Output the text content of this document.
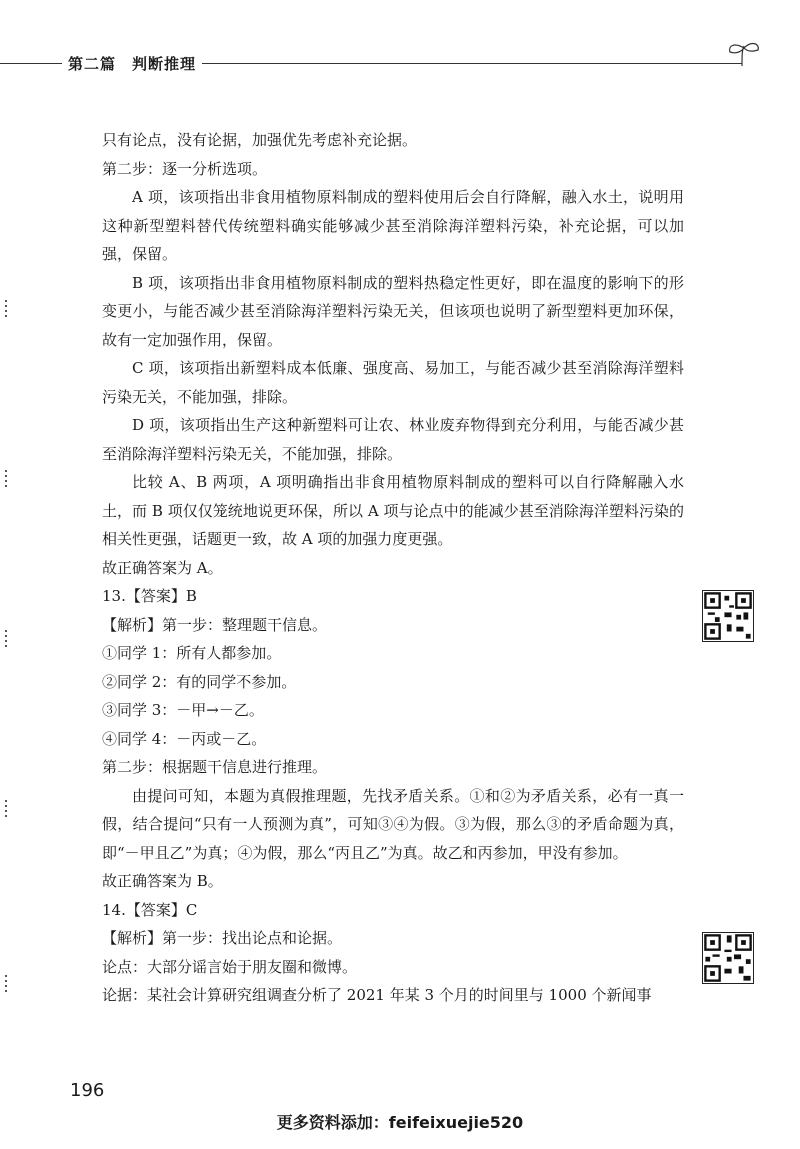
第二篇　判断推理

只有论点，没有论据，加强优先考虑补充论据。

第二步：逐一分析选项。

A 项，该项指出非食用植物原料制成的塑料使用后会自行降解，融入水土，说明用这种新型塑料替代传统塑料确实能够减少甚至消除海洋塑料污染，补充论据，可以加强，保留。

B 项，该项指出非食用植物原料制成的塑料热稳定性更好，即在温度的影响下的形变更小，与能否减少甚至消除海洋塑料污染无关，但该项也说明了新型塑料更加环保，故有一定加强作用，保留。

C 项，该项指出新塑料成本低廉、强度高、易加工，与能否减少甚至消除海洋塑料污染无关，不能加强，排除。

D 项，该项指出生产这种新塑料可让农、林业废弃物得到充分利用，与能否减少甚至消除海洋塑料污染无关，不能加强，排除。

比较 A、B 两项，A 项明确指出非食用植物原料制成的塑料可以自行降解融入水土，而 B 项仅仅笼统地说更环保，所以 A 项与论点中的能减少甚至消除海洋塑料污染的相关性更强，话题更一致，故 A 项的加强力度更强。

故正确答案为 A。

13.【答案】B

【解析】第一步：整理题干信息。

①同学 1：所有人都参加。

②同学 2：有的同学不参加。

③同学 3：－甲→－乙。

④同学 4：－丙或－乙。

第二步：根据题干信息进行推理。

由提问可知，本题为真假推理题，先找矛盾关系。①和②为矛盾关系，必有一真一假，结合提问“只有一人预测为真”，可知③④为假。③为假，那么③的矛盾命题为真，即“－甲且乙”为真；④为假，那么“丙且乙”为真。故乙和丙参加，甲没有参加。

故正确答案为 B。

14.【答案】C

【解析】第一步：找出论点和论据。

论点：大部分谣言始于朋友圈和微博。

论据：某社会计算研究组调查分析了 2021 年某 3 个月的时间里与 1000 个新闻事

196
更多资料添加：feifeixuejie520
